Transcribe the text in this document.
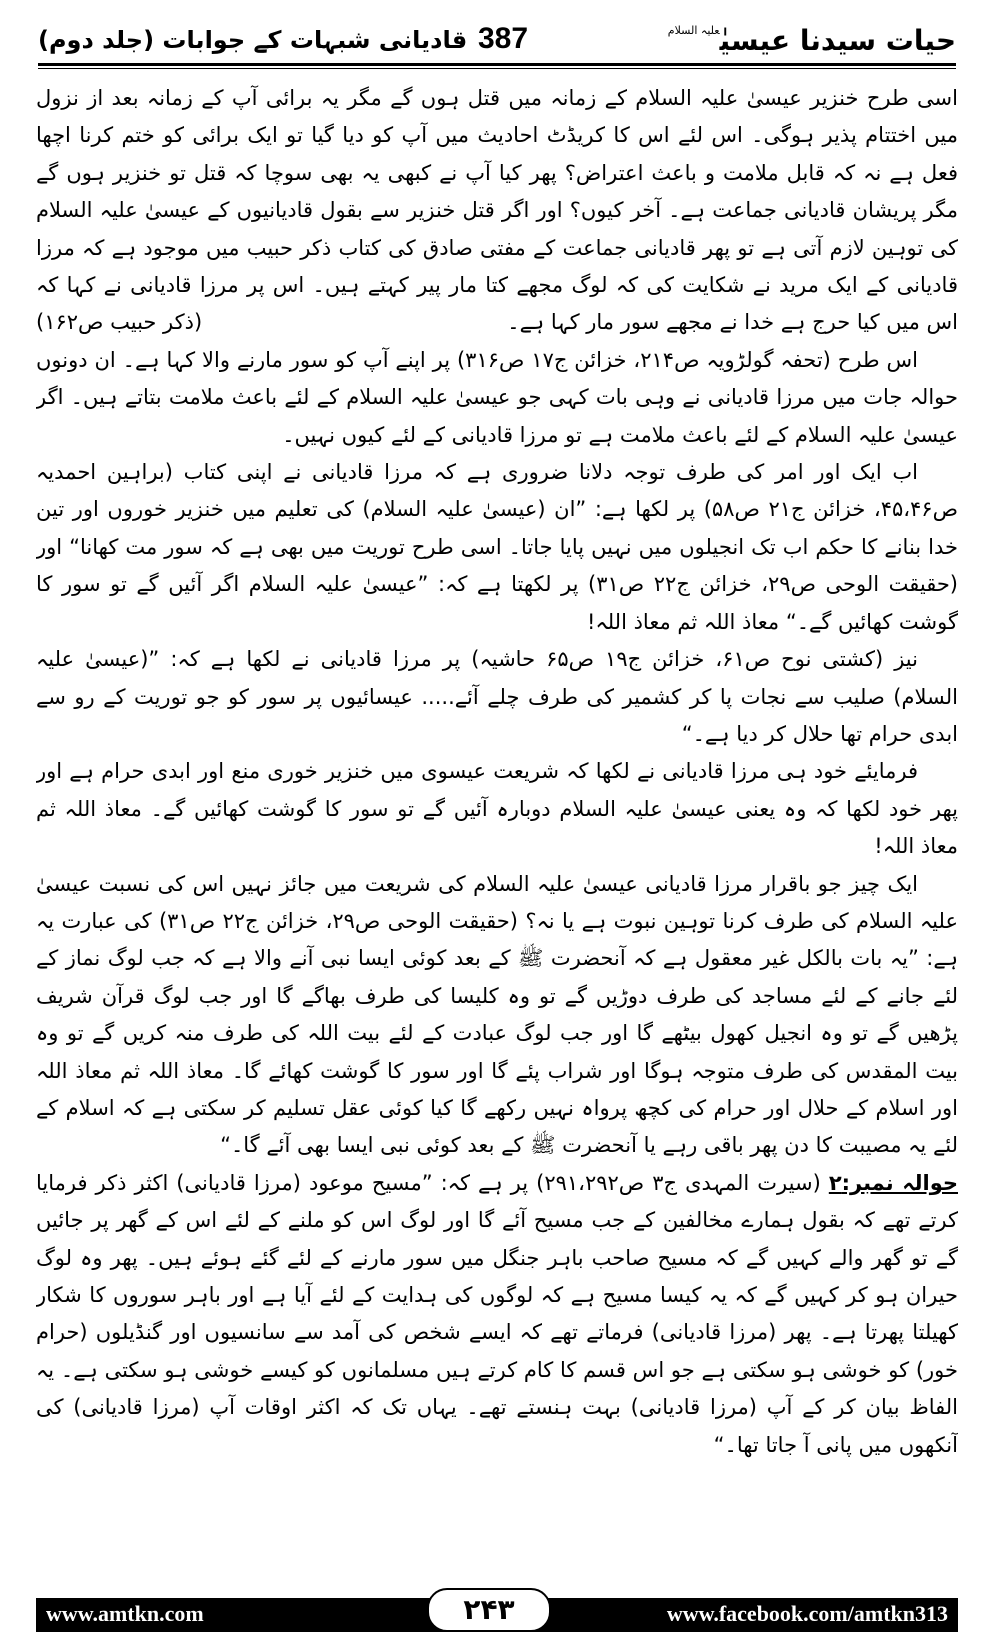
حیات سیدنا عیسیٰ$^{علیہ السلام}$
387
قادیانی شبہات کے جوابات (جلد دوم)

اسی طرح خنزیر عیسیٰ علیہ السلام کے زمانہ میں قتل ہوں گے مگر یہ برائی آپ کے زمانہ بعد از نزول میں اختتام پذیر ہوگی۔ اس لئے اس کا کریڈٹ احادیث میں آپ کو دیا گیا تو ایک برائی کو ختم کرنا اچھا فعل ہے نہ کہ قابل ملامت و باعث اعتراض؟ پھر کیا آپ نے کبھی یہ بھی سوچا کہ قتل تو خنزیر ہوں گے مگر پریشان قادیانی جماعت ہے۔ آخر کیوں؟ اور اگر قتل خنزیر سے بقول قادیانیوں کے عیسیٰ علیہ السلام کی توہین لازم آتی ہے تو پھر قادیانی جماعت کے مفتی صادق کی کتاب ذکر حبیب میں موجود ہے کہ مرزا قادیانی کے ایک مرید نے شکایت کی کہ لوگ مجھے کتا مار پیر کہتے ہیں۔ اس پر مرزا قادیانی نے کہا کہ اس میں کیا حرج ہے خدا نے مجھے سور مار کہا ہے۔
(ذکر حبیب ص۱۶۲)

اس طرح (تحفہ گولڑویہ ص۲۱۴، خزائن ج۱۷ ص۳۱۶) پر اپنے آپ کو سور مارنے والا کہا ہے۔ ان دونوں حوالہ جات میں مرزا قادیانی نے وہی بات کہی جو عیسیٰ علیہ السلام کے لئے باعث ملامت بتاتے ہیں۔ اگر عیسیٰ علیہ السلام کے لئے باعث ملامت ہے تو مرزا قادیانی کے لئے کیوں نہیں۔

اب ایک اور امر کی طرف توجہ دلانا ضروری ہے کہ مرزا قادیانی نے اپنی کتاب (براہین احمدیہ ص۴۵،۴۶، خزائن ج۲۱ ص۵۸) پر لکھا ہے: ”ان (عیسیٰ علیہ السلام) کی تعلیم میں خنزیر خوروں اور تین خدا بنانے کا حکم اب تک انجیلوں میں نہیں پایا جاتا۔ اسی طرح توریت میں بھی ہے کہ سور مت کھانا“ اور (حقیقت الوحی ص۲۹، خزائن ج۲۲ ص۳۱) پر لکھتا ہے کہ: ”عیسیٰ علیہ السلام اگر آئیں گے تو سور کا گوشت کھائیں گے۔“ معاذ اللہ ثم معاذ اللہ!

نیز (کشتی نوح ص۶۱، خزائن ج۱۹ ص۶۵ حاشیہ) پر مرزا قادیانی نے لکھا ہے کہ: ”(عیسیٰ علیہ السلام) صلیب سے نجات پا کر کشمیر کی طرف چلے آئے..... عیسائیوں پر سور کو جو توریت کے رو سے ابدی حرام تھا حلال کر دیا ہے۔“

فرمایئے خود ہی مرزا قادیانی نے لکھا کہ شریعت عیسوی میں خنزیر خوری منع اور ابدی حرام ہے اور پھر خود لکھا کہ وہ یعنی عیسیٰ علیہ السلام دوبارہ آئیں گے تو سور کا گوشت کھائیں گے۔ معاذ اللہ ثم معاذ اللہ!

ایک چیز جو باقرار مرزا قادیانی عیسیٰ علیہ السلام کی شریعت میں جائز نہیں اس کی نسبت عیسیٰ علیہ السلام کی طرف کرنا توہین نبوت ہے یا نہ؟ (حقیقت الوحی ص۲۹، خزائن ج۲۲ ص۳۱) کی عبارت یہ ہے: ”یہ بات بالکل غیر معقول ہے کہ آنحضرت ﷺ کے بعد کوئی ایسا نبی آنے والا ہے کہ جب لوگ نماز کے لئے جانے کے لئے مساجد کی طرف دوڑیں گے تو وہ کلیسا کی طرف بھاگے گا اور جب لوگ قرآن شریف پڑھیں گے تو وہ انجیل کھول بیٹھے گا اور جب لوگ عبادت کے لئے بیت اللہ کی طرف منہ کریں گے تو وہ بیت المقدس کی طرف متوجہ ہوگا اور شراب پئے گا اور سور کا گوشت کھائے گا۔ معاذ اللہ ثم معاذ اللہ اور اسلام کے حلال اور حرام کی کچھ پرواہ نہیں رکھے گا کیا کوئی عقل تسلیم کر سکتی ہے کہ اسلام کے لئے یہ مصیبت کا دن پھر باقی رہے یا آنحضرت ﷺ کے بعد کوئی نبی ایسا بھی آئے گا۔“

حوالہ نمبر:۲ (سیرت المہدی ج۳ ص۲۹۱،۲۹۲) پر ہے کہ: ”مسیح موعود (مرزا قادیانی) اکثر ذکر فرمایا کرتے تھے کہ بقول ہمارے مخالفین کے جب مسیح آئے گا اور لوگ اس کو ملنے کے لئے اس کے گھر پر جائیں گے تو گھر والے کہیں گے کہ مسیح صاحب باہر جنگل میں سور مارنے کے لئے گئے ہوئے ہیں۔ پھر وہ لوگ حیران ہو کر کہیں گے کہ یہ کیسا مسیح ہے کہ لوگوں کی ہدایت کے لئے آیا ہے اور باہر سوروں کا شکار کھیلتا پھرتا ہے۔ پھر (مرزا قادیانی) فرماتے تھے کہ ایسے شخص کی آمد سے سانسیوں اور گنڈیلوں (حرام خور) کو خوشی ہو سکتی ہے جو اس قسم کا کام کرتے ہیں مسلمانوں کو کیسے خوشی ہو سکتی ہے۔ یہ الفاظ بیان کر کے آپ (مرزا قادیانی) بہت ہنستے تھے۔ یہاں تک کہ اکثر اوقات آپ (مرزا قادیانی) کی آنکھوں میں پانی آ جاتا تھا۔“

www.amtkn.com	۲۴۳	www.facebook.com/amtkn313
